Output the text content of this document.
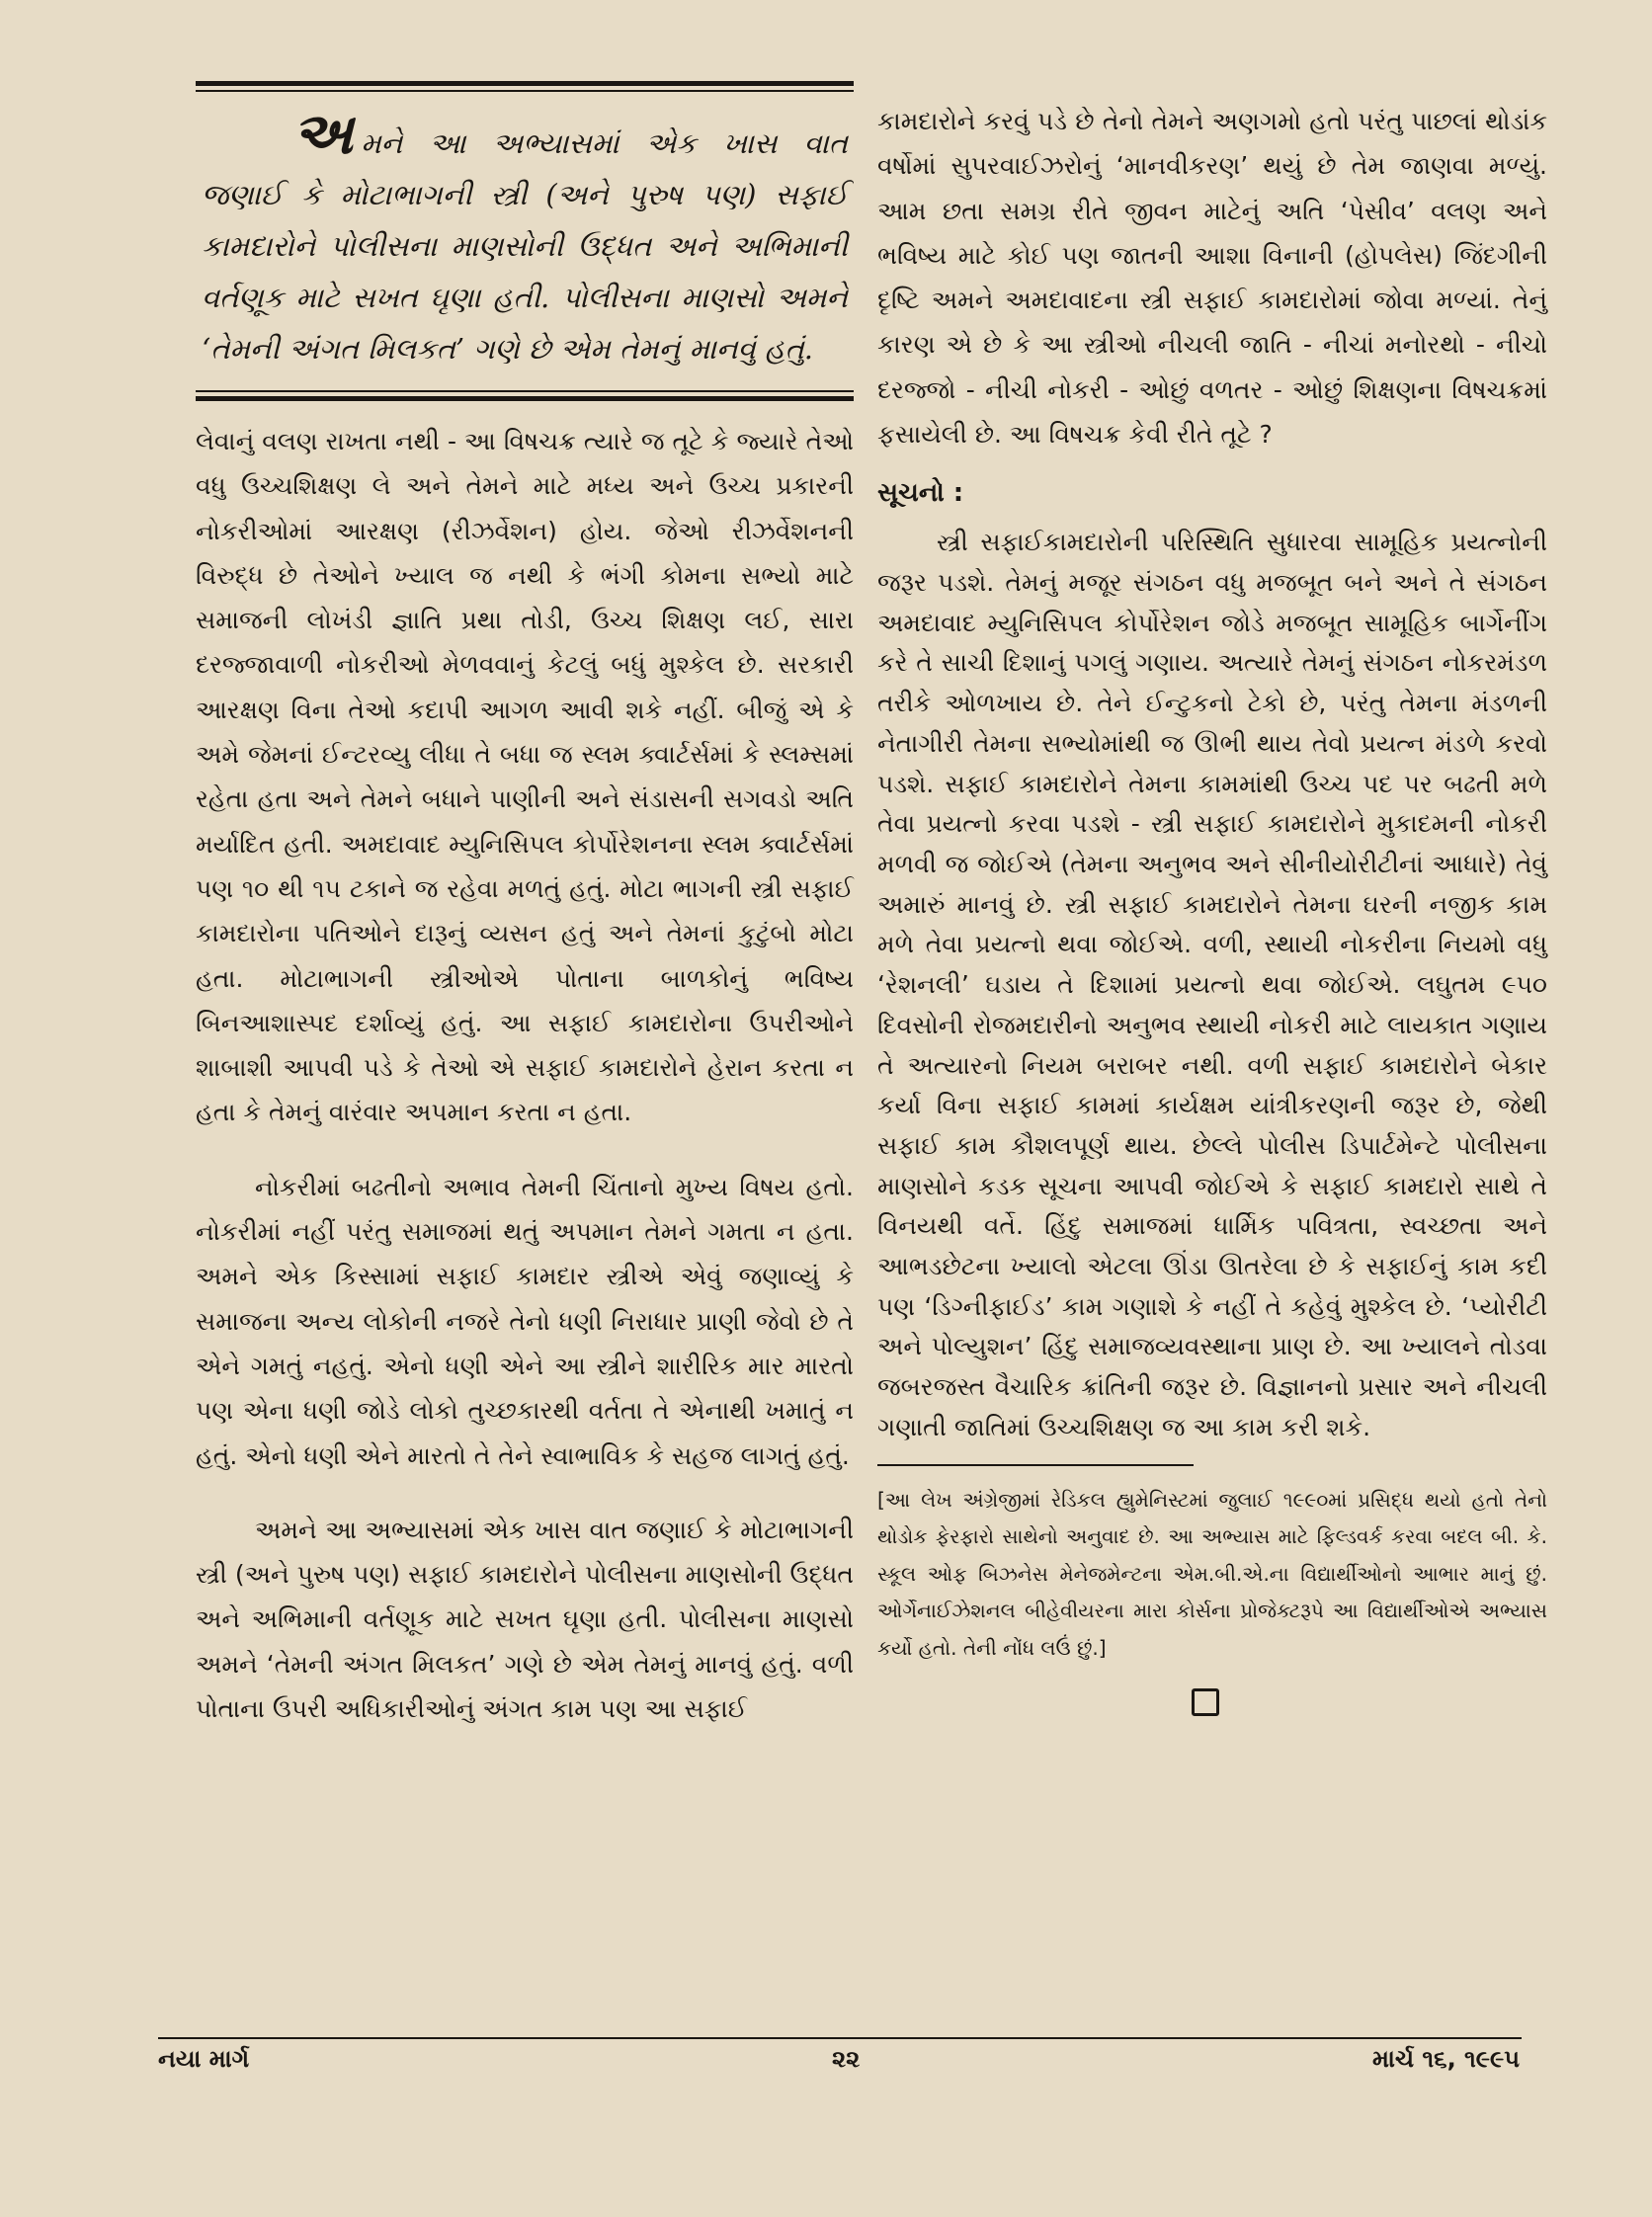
અમને આ અભ્યાસમાં એક ખાસ વાત જણાઈ કે મોટાભાગની સ્ત્રી (અને પુરુષ પણ) સફાઈ કામદારોને પોલીસના માણસોની ઉદ્ધત અને અભિમાની વર્તણૂક માટે સખત ઘૃણા હતી. પોલીસના માણસો અમને ‘તેમની અંગત મિલકત’ ગણે છે એમ તેમનું માનવું હતું.

લેવાનું વલણ રાખતા નથી - આ વિષચક્ર ત્યારે જ તૂટે કે જ્યારે તેઓ વધુ ઉચ્ચશિક્ષણ લે અને તેમને માટે મધ્ય અને ઉચ્ચ પ્રકારની નોકરીઓમાં આરક્ષણ (રીઝર્વેશન) હોય. જેઓ રીઝર્વેશનની વિરુદ્ધ છે તેઓને ખ્યાલ જ નથી કે ભંગી કોમના સભ્યો માટે સમાજની લોખંડી જ્ઞાતિ પ્રથા તોડી, ઉચ્ચ શિક્ષણ લઈ, સારા દરજ્જાવાળી નોકરીઓ મેળવવાનું કેટલું બધું મુશ્કેલ છે. સરકારી આરક્ષણ વિના તેઓ કદાપી આગળ આવી શકે નહીં. બીજું એ કે અમે જેમનાં ઈન્ટરવ્યુ લીધા તે બધા જ સ્લમ ક્વાર્ટર્સમાં કે સ્લમ્સમાં રહેતા હતા અને તેમને બધાને પાણીની અને સંડાસની સગવડો અતિ મર્યાદિત હતી. અમદાવાદ મ્યુનિસિપલ કોર્પોરેશનના સ્લમ ક્વાર્ટર્સમાં પણ ૧૦ થી ૧૫ ટકાને જ રહેવા મળતું હતું. મોટા ભાગની સ્ત્રી સફાઈ કામદારોના પતિઓને દારૂનું વ્યસન હતું અને તેમનાં કુટુંબો મોટા હતા. મોટાભાગની સ્ત્રીઓએ પોતાના બાળકોનું ભવિષ્ય બિનઆશાસ્પદ દર્શાવ્યું હતું. આ સફાઈ કામદારોના ઉપરીઓને શાબાશી આપવી પડે કે તેઓ એ સફાઈ કામદારોને હેરાન કરતા ન હતા કે તેમનું વારંવાર અપમાન કરતા ન હતા.

નોકરીમાં બઢતીનો અભાવ તેમની ચિંતાનો મુખ્ય વિષય હતો. નોકરીમાં નહીં પરંતુ સમાજમાં થતું અપમાન તેમને ગમતા ન હતા. અમને એક કિસ્સામાં સફાઈ કામદાર સ્ત્રીએ એવું જણાવ્યું કે સમાજના અન્ય લોકોની નજરે તેનો ધણી નિરાધાર પ્રાણી જેવો છે તે એને ગમતું નહતું. એનો ધણી એને આ સ્ત્રીને શારીરિક માર મારતો પણ એના ધણી જોડે લોકો તુચ્છકારથી વર્તતા તે એનાથી ખમાતું ન હતું. એનો ધણી એને મારતો તે તેને સ્વાભાવિક કે સહજ લાગતું હતું.

અમને આ અભ્યાસમાં એક ખાસ વાત જણાઈ કે મોટાભાગની સ્ત્રી (અને પુરુષ પણ) સફાઈ કામદારોને પોલીસના માણસોની ઉદ્ધત અને અભિમાની વર્તણૂક માટે સખત ઘૃણા હતી. પોલીસના માણસો અમને ‘તેમની અંગત મિલકત’ ગણે છે એમ તેમનું માનવું હતું. વળી પોતાના ઉપરી અધિકારીઓનું અંગત કામ પણ આ સફાઈ

કામદારોને કરવું પડે છે તેનો તેમને અણગમો હતો પરંતુ પાછલાં થોડાંક વર્ષોમાં સુપરવાઈઝરોનું ‘માનવીકરણ’ થયું છે તેમ જાણવા મળ્યું. આમ છતા સમગ્ર રીતે જીવન માટેનું અતિ ‘પેસીવ’ વલણ અને ભવિષ્ય માટે કોઈ પણ જાતની આશા વિનાની (હોપલેસ) જિંદગીની દૃષ્ટિ અમને અમદાવાદના સ્ત્રી સફાઈ કામદારોમાં જોવા મળ્યાં. તેનું કારણ એ છે કે આ સ્ત્રીઓ નીચલી જાતિ - નીચાં મનોરથો - નીચો દરજ્જો - નીચી નોકરી - ઓછું વળતર - ઓછું શિક્ષણના વિષચક્રમાં ફસાયેલી છે. આ વિષચક્ર કેવી રીતે તૂટે ?

સૂચનો :

સ્ત્રી સફાઈકામદારોની પરિસ્થિતિ સુધારવા સામૂહિક પ્રયત્નોની જરૂર પડશે. તેમનું મજૂર સંગઠન વધુ મજબૂત બને અને તે સંગઠન અમદાવાદ મ્યુનિસિપલ કોર્પોરેશન જોડે મજબૂત સામૂહિક બાર્ગેનીંગ કરે તે સાચી દિશાનું પગલું ગણાય. અત્યારે તેમનું સંગઠન નોકરમંડળ તરીકે ઓળખાય છે. તેને ઈન્ટુકનો ટેકો છે, પરંતુ તેમના મંડળની નેતાગીરી તેમના સભ્યોમાંથી જ ઊભી થાય તેવો પ્રયત્ન મંડળે કરવો પડશે. સફાઈ કામદારોને તેમના કામમાંથી ઉચ્ચ પદ પર બઢતી મળે તેવા પ્રયત્નો કરવા પડશે - સ્ત્રી સફાઈ કામદારોને મુકાદમની નોકરી મળવી જ જોઈએ (તેમના અનુભવ અને સીનીયોરીટીનાં આધારે) તેવું અમારું માનવું છે. સ્ત્રી સફાઈ કામદારોને તેમના ઘરની નજીક કામ મળે તેવા પ્રયત્નો થવા જોઈએ. વળી, સ્થાયી નોકરીના નિયમો વધુ ‘રેશનલી’ ઘડાય તે દિશામાં પ્રયત્નો થવા જોઈએ. લઘુતમ ૯૫૦ દિવસોની રોજમદારીનો અનુભવ સ્થાયી નોકરી માટે લાયકાત ગણાય તે અત્યારનો નિયમ બરાબર નથી. વળી સફાઈ કામદારોને બેકાર કર્યા વિના સફાઈ કામમાં કાર્યક્ષમ યાંત્રીકરણની જરૂર છે, જેથી સફાઈ કામ કૌશલપૂર્ણ થાય. છેલ્લે પોલીસ ડિપાર્ટમેન્ટે પોલીસના માણસોને કડક સૂચના આપવી જોઈએ કે સફાઈ કામદારો સાથે તે વિનયથી વર્તે. હિંદુ સમાજમાં ધાર્મિક પવિત્રતા, સ્વચ્છતા અને આભડછેટના ખ્યાલો એટલા ઊંડા ઊતરેલા છે કે સફાઈનું કામ કદી પણ ‘ડિગ્નીફાઈડ’ કામ ગણાશે કે નહીં તે કહેવું મુશ્કેલ છે. ‘પ્યોરીટી અને પોલ્યુશન’ હિંદુ સમાજવ્યવસ્થાના પ્રાણ છે. આ ખ્યાલને તોડવા જબરજસ્ત વૈચારિક ક્રાંતિની જરૂર છે. વિજ્ઞાનનો પ્રસાર અને નીચલી ગણાતી જાતિમાં ઉચ્ચશિક્ષણ જ આ કામ કરી શકે.

[આ લેખ અંગ્રેજીમાં રેડિકલ હ્યુમેનિસ્ટમાં જુલાઈ ૧૯૯૦માં પ્રસિદ્ધ થયો હતો તેનો થોડોક ફેરફારો સાથેનો અનુવાદ છે. આ અભ્યાસ માટે ફિલ્ડવર્ક કરવા બદલ બી. કે. સ્કૂલ ઓફ બિઝનેસ મેનેજમેન્ટના એમ.બી.એ.ના વિદ્યાર્થીઓનો આભાર માનું છું. ઓર્ગેનાઈઝેશનલ બીહેવીયરના મારા કોર્સના પ્રોજેક્ટરૂપે આ વિદ્યાર્થીઓએ અભ્યાસ કર્યો હતો. તેની નોંધ લઉં છું.]

નયા માર્ગ	૨૨	માર્ચ ૧૬, ૧૯૯૫
